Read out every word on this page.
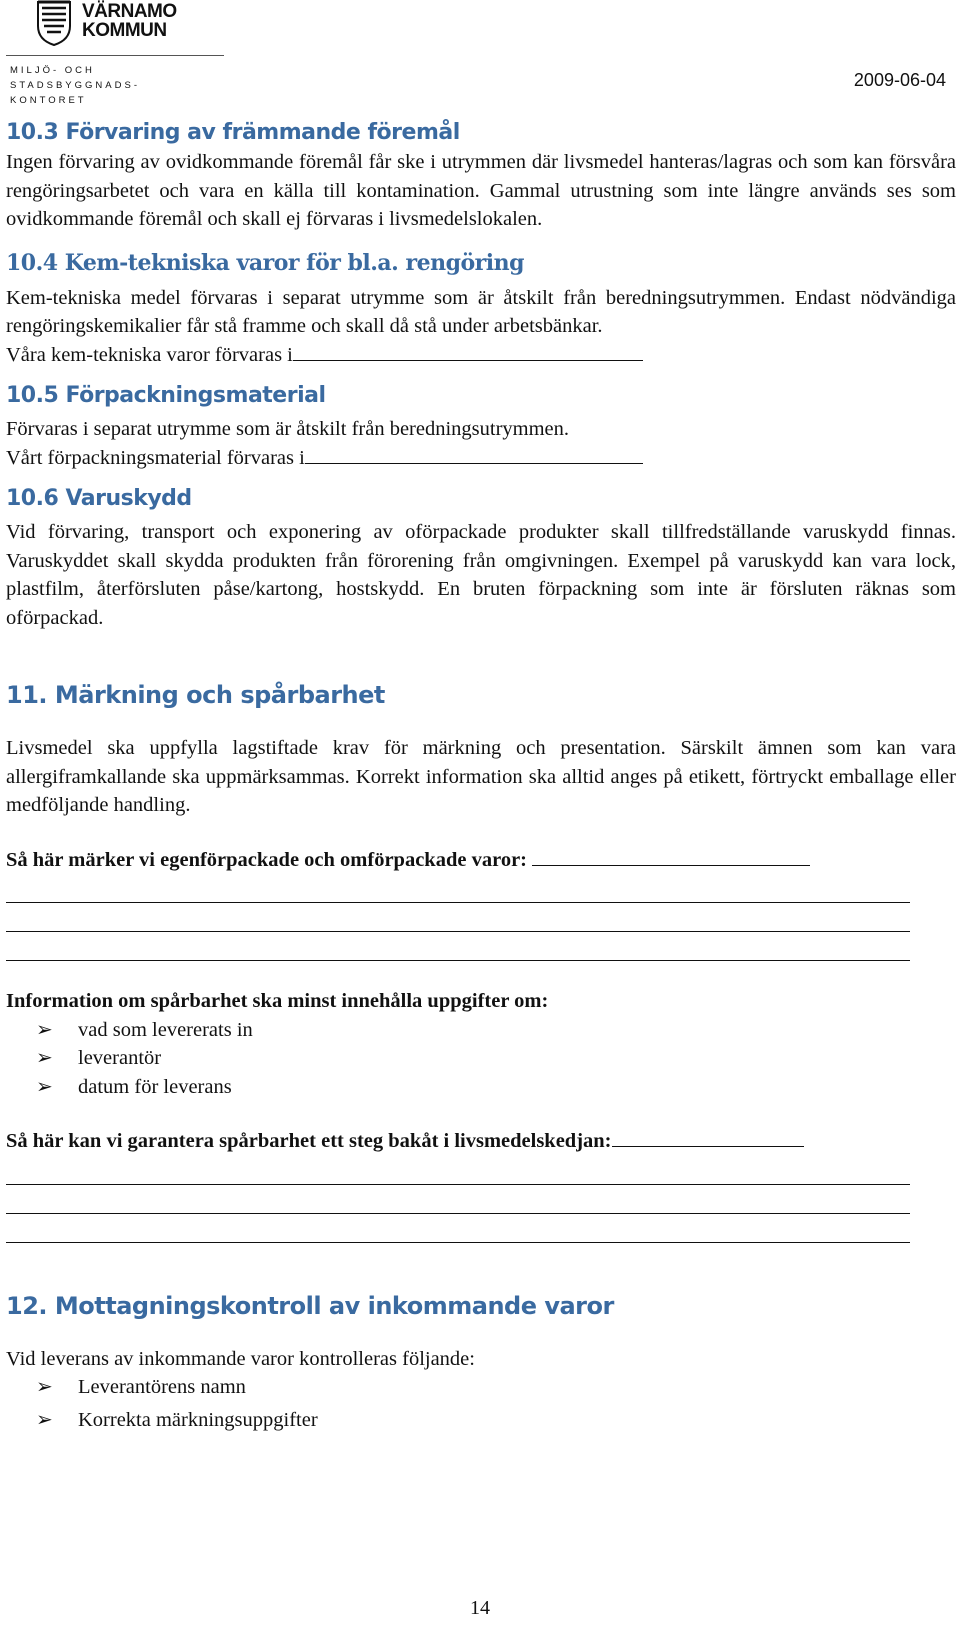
VÄRNAMO
KOMMUN
MILJÖ- OCH STADSBYGGNADS-
KONTORET
2009-06-04
10.3 Förvaring av främmande föremål

Ingen förvaring av ovidkommande föremål får ske i utrymmen där livsmedel hanteras/lagras och som kan försvåra rengöringsarbetet och vara en källa till kontamination. Gammal utrustning som inte längre används ses som ovidkommande föremål och skall ej förvaras i livsmedelslokalen.

10.4 Kem-tekniska varor för bl.a. rengöring

Kem-tekniska medel förvaras i separat utrymme som är åtskilt från beredningsutrymmen. Endast nödvändiga rengöringskemikalier får stå framme och skall då stå under arbetsbänkar.

Våra kem-tekniska varor förvaras i
10.5 Förpackningsmaterial

Förvaras i separat utrymme som är åtskilt från beredningsutrymmen.

Vårt förpackningsmaterial förvaras i
10.6 Varuskydd

Vid förvaring, transport och exponering av oförpackade produkter skall tillfredställande varuskydd finnas. Varuskyddet skall skydda produkten från förorening från omgivningen. Exempel på varuskydd kan vara lock, plastfilm, återförsluten påse/kartong, hostskydd. En bruten förpackning som inte är försluten räknas som oförpackad.

11. Märkning och spårbarhet

Livsmedel ska uppfylla lagstiftade krav för märkning och presentation. Särskilt ämnen som kan vara allergiframkallande ska uppmärksammas. Korrekt information ska alltid anges på etikett, förtryckt emballage eller medföljande handling.

Så här märker vi egenförpackade och omförpackade varor:
Information om spårbarhet ska minst innehålla uppgifter om:
➢ vad som levererats in
➢ leverantör
➢ datum för leverans
Så här kan vi garantera spårbarhet ett steg bakåt i livsmedelskedjan:
12. Mottagningskontroll av inkommande varor

Vid leverans av inkommande varor kontrolleras följande:

➢ Leverantörens namn
➢ Korrekta märkningsuppgifter
14
